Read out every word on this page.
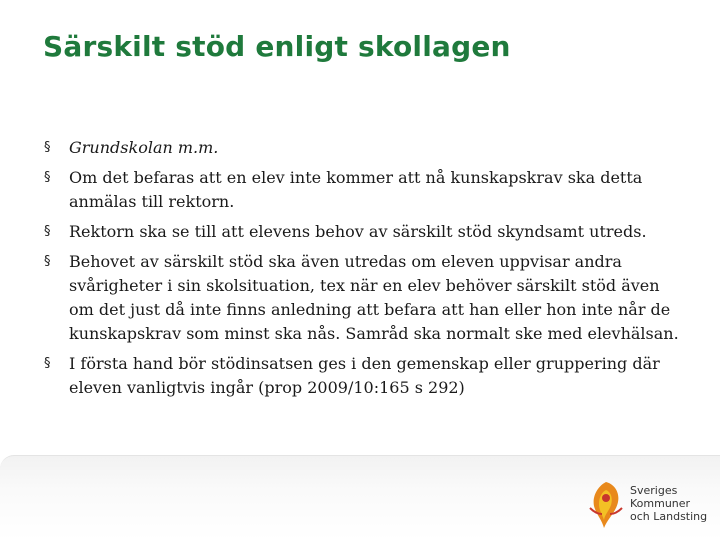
Särskilt stöd enligt skollagen
§ Grundskolan m.m.
§ Om det befaras att en elev inte kommer att nå kunskapskrav ska detta anmälas till rektorn.
§ Rektorn ska se till att elevens behov av särskilt stöd skyndsamt utreds.
§ Behovet av särskilt stöd ska även utredas om eleven uppvisar andra svårigheter i sin skolsituation, tex när en elev behöver särskilt stöd även om det just då inte finns anledning att befara att han eller hon inte når de kunskapskrav som minst ska nås. Samråd ska normalt ske med elevhälsan.
§ I första hand bör stödinsatsen ges i den gemenskap eller gruppering där eleven vanligtvis ingår (prop 2009/10:165 s 292)
Sveriges
Kommuner
och Landsting
